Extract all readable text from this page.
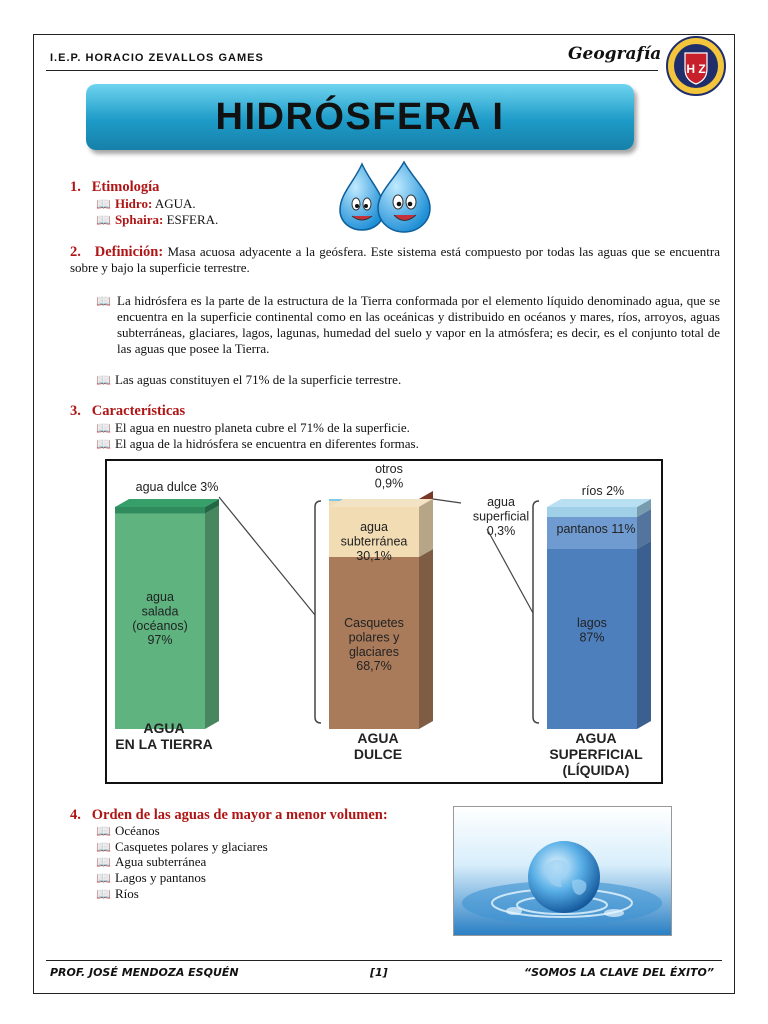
I.E.P. HORACIO ZEVALLOS GAMES	Geografía
H Z
HIDRÓSFERA I
1. Etimología
📖 Hidro: AGUA.
📖 Sphaira: ESFERA.
2. Definición: Masa acuosa adyacente a la geósfera. Este sistema está compuesto por todas las aguas que se encuentra sobre y bajo la superficie terrestre.
📖 La hidrósfera es la parte de la estructura de la Tierra conformada por el elemento líquido denominado agua, que se encuentra en la superficie continental como en las oceánicas y distribuido en océanos y mares, ríos, arroyos, aguas subterráneas, glaciares, lagos, lagunas, humedad del suelo y vapor en la atmósfera; es decir, es el conjunto total de las aguas que posee la Tierra.
📖 Las aguas constituyen el 71% de la superficie terrestre.
3. Características
📖 El agua en nuestro planeta cubre el 71% de la superficie.
📖 El agua de la hidrósfera se encuentra en diferentes formas.
agua salada (océanos) 97%
agua dulce 3%
AGUA EN LA TIERRA
Casquetes polares y glaciares 68,7%
agua subterránea 30,1%
otros 0,9%
agua superficial 0,3%
AGUA DULCE
lagos 87%
pantanos 11%
ríos 2%
AGUA SUPERFICIAL (LÍQUIDA)
4. Orden de las aguas de mayor a menor volumen:
📖 Océanos
📖 Casquetes polares y glaciares
📖 Agua subterránea
📖 Lagos y pantanos
📖 Ríos
PROF. JOSÉ MENDOZA ESQUÉN	[1]	“SOMOS LA CLAVE DEL ÉXITO”
